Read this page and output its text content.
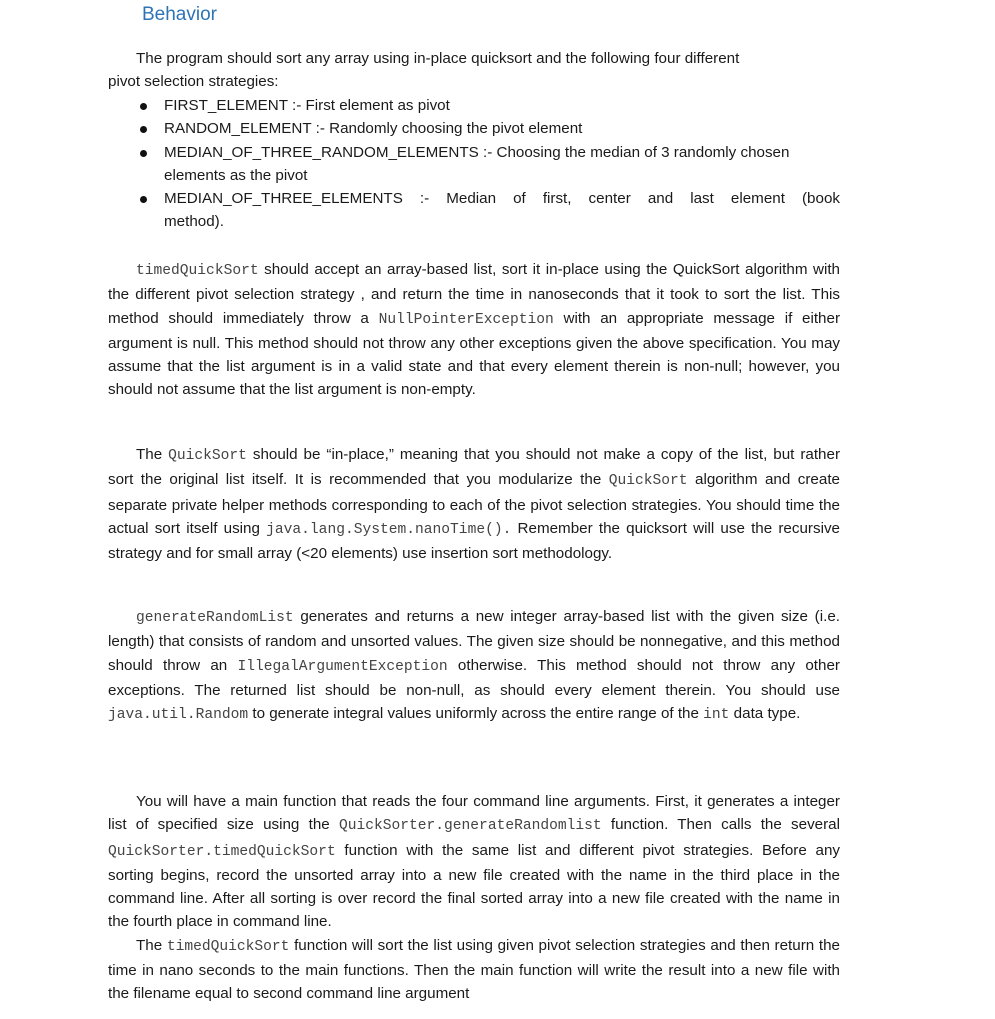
Behavior

The program should sort any array using in-place quicksort and the following four different

pivot selection strategies:

FIRST_ELEMENT :- First element as pivot
RANDOM_ELEMENT :- Randomly choosing the pivot element
MEDIAN_OF_THREE_RANDOM_ELEMENTS :- Choosing the median of 3 randomly chosen
elements as the pivot
MEDIAN_OF_THREE_ELEMENTS :- Median of first, center and last element (book
method).

timedQuickSort should accept an array-based list, sort it in-place using the QuickSort algorithm with the different pivot selection strategy , and return the time in nanoseconds that it took to sort the list. This method should immediately throw a NullPointerException with an appropriate message if either argument is null. This method should not throw any other exceptions given the above specification. You may assume that the list argument is in a valid state and that every element therein is non-null; however, you should not assume that the list argument is non-empty.

The QuickSort should be “in-place,” meaning that you should not make a copy of the list, but rather sort the original list itself. It is recommended that you modularize the QuickSort algorithm and create separate private helper methods corresponding to each of the pivot selection strategies. You should time the actual sort itself using java.lang.System.nanoTime(). Remember the quicksort will use the recursive strategy and for small array (<20 elements) use insertion sort methodology.

generateRandomList generates and returns a new integer array-based list with the given size (i.e. length) that consists of random and unsorted values. The given size should be nonnegative, and this method should throw an IllegalArgumentException otherwise. This method should not throw any other exceptions. The returned list should be non-null, as should every element therein. You should use java.util.Random to generate integral values uniformly across the entire range of the int data type.

You will have a main function that reads the four command line arguments. First, it generates a integer list of specified size using the QuickSorter.generateRandomlist function. Then calls the several QuickSorter.timedQuickSort function with the same list and different pivot strategies. Before any sorting begins, record the unsorted array into a new file created with the name in the third place in the command line. After all sorting is over record the final sorted array into a new file created with the name in the fourth place in command line.

The timedQuickSort function will sort the list using given pivot selection strategies and then return the time in nano seconds to the main functions. Then the main function will write the result into a new file with the filename equal to second command line argument
